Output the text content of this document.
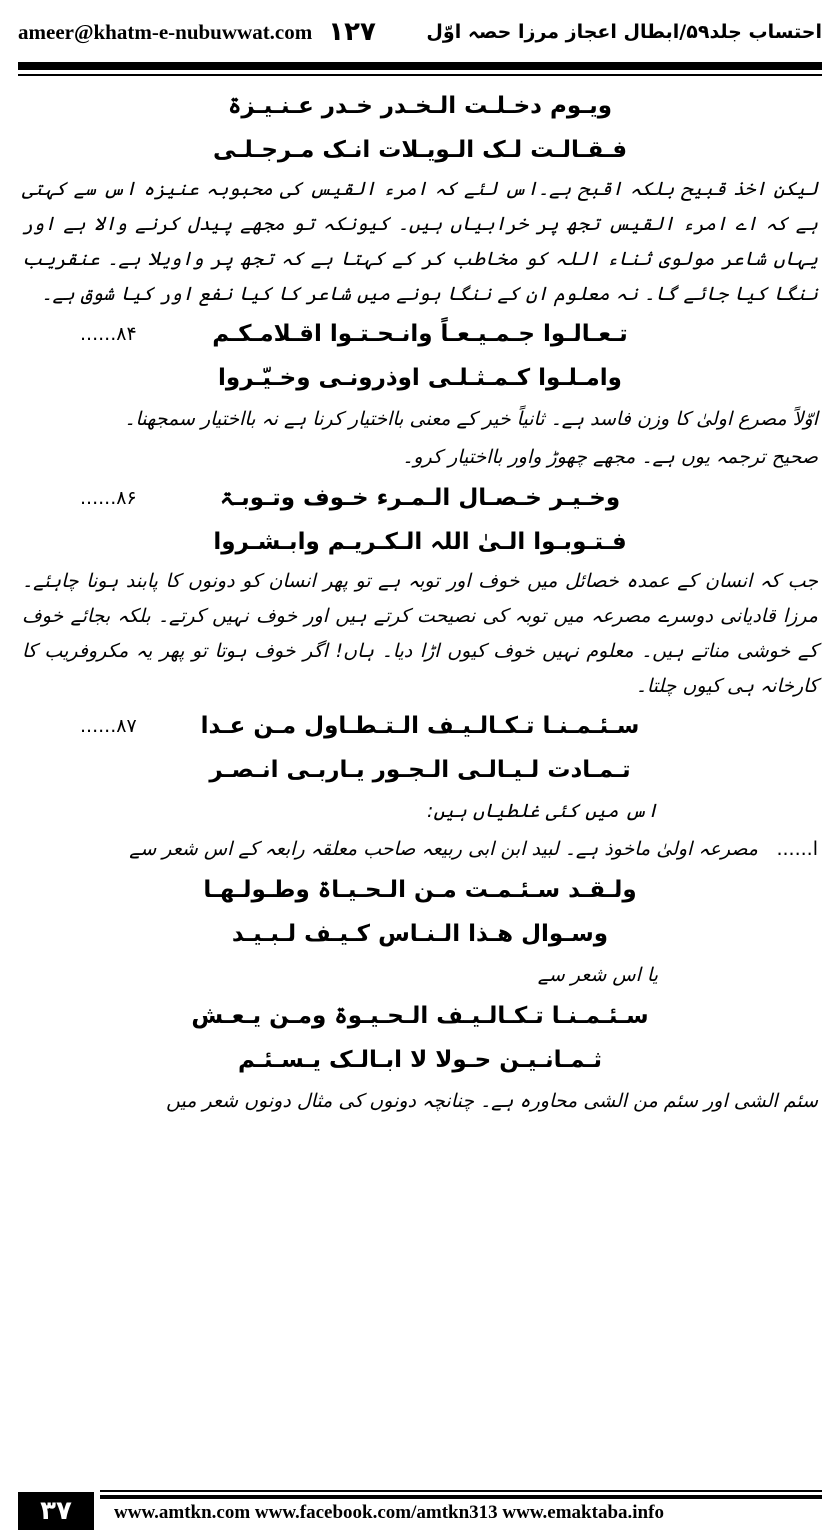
ameer@khatm-e-nubuwwat.com ۱۲۷	احتساب جلد۵۹/ابطال اعجاز مرزا حصہ اوّل
ویـوم دخـلـت الـخـدر خـدر عـنـیـزۃ
فـقـالـت لـک الـویـلات انـک مـرجـلـی

لیکن اخذ قبیح بلکہ اقبح ہے۔اس لئے کہ امرء القیس کی محبوبہ عنیزہ اس سے کہتی ہے کہ اے امرء القیس تجھ پر خرابیاں ہیں۔ کیونکہ تو مجھے پیدل کرنے والا ہے اور یہاں شاعر مولوی ثناء اللہ کو مخاطب کر کے کہتا ہے کہ تجھ پر واویلا ہے۔ عنقریب ننگا کیا جائے گا۔ نہ معلوم ان کے ننگا ہونے میں شاعر کا کیا نفع اور کیا شوق ہے۔

تـعـالـوا جـمـیـعـاً وانـحـتـوا اقـلامـکـم
۸۴......
وامـلـوا کـمـثـلـی اوذرونـی وخـیّـروا
اوّلاً مصرع اولیٰ کا وزن فاسد ہے۔ ثانیاً خیر کے معنی بااختیار کرنا ہے نہ بااختیار سمجھنا۔
صحیح ترجمہ یوں ہے۔ مجھے چھوڑ واور بااختیار کرو۔
وخـیـر خـصـال الـمـرء خـوف وتـوبـۃ
۸۶......
فـتـوبـوا الـیٰ اللہ الـکـریـم وابـشـروا

جب کہ انسان کے عمدہ خصائل میں خوف اور توبہ ہے تو پھر انسان کو دونوں کا پابند ہونا چاہئے۔ مرزا قادیانی دوسرے مصرعہ میں توبہ کی نصیحت کرتے ہیں اور خوف نہیں کرتے۔ بلکہ بجائے خوف کے خوشی مناتے ہیں۔ معلوم نہیں خوف کیوں اڑا دیا۔ ہاں! اگر خوف ہوتا تو پھر یہ مکروفریب کا کارخانہ ہی کیوں چلتا۔

سـئـمـنـا تـکـالـیـف الـتـطـاول مـن عـدا
۸۷......
تـمـادت لـیـالـی الـجـور یـاربـی انـصـر
اس میں کئی غلطیاں ہیں:
ا......
مصرعہ اولیٰ ماخوذ ہے۔ لبید ابن ابی ربیعہ صاحب معلقہ رابعہ کے اس شعر سے
ولـقـد سـئـمـت مـن الـحـیـاۃ وطـولـهـا
وسـوال هـذا الـنـاس کـیـف لـبـیـد
یا اس شعر سے
سـئـمـنـا تـکـالـیـف الـحـیـوۃ ومـن یـعـش
ثـمـانـیـن حـولا لا ابـالـک یـسـئـم
سئم الشی اور سئم من الشی محاورہ ہے۔ چنانچہ دونوں کی مثال دونوں شعر میں
۳۷	www.amtkn.com www.facebook.com/amtkn313 www.emaktaba.info
